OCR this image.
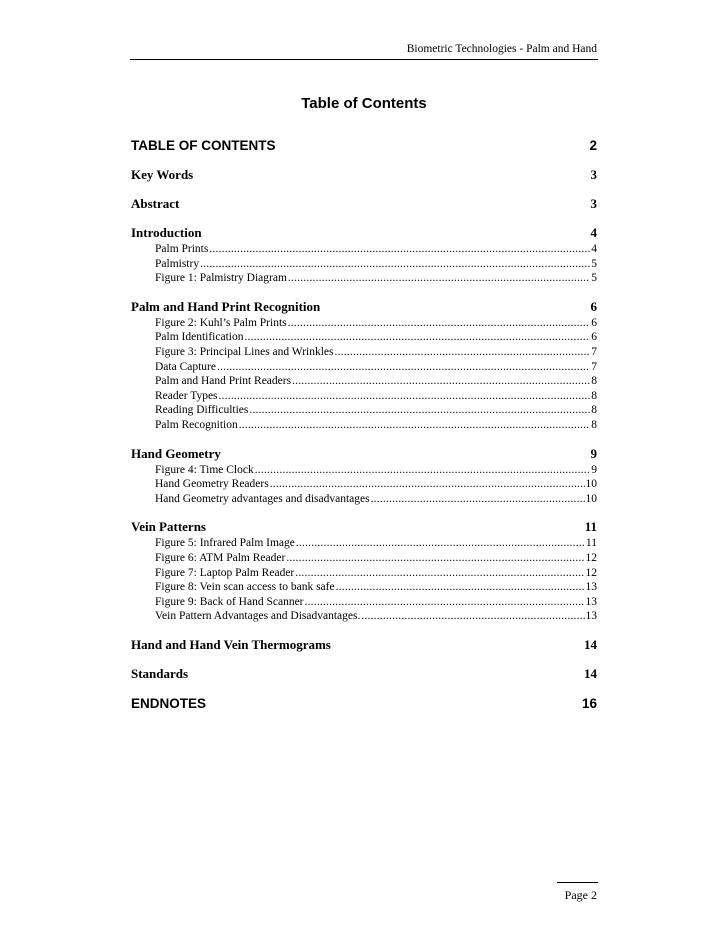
Biometric Technologies - Palm and Hand
Table of Contents
TABLE OF CONTENTS	2
Key Words	3
Abstract	3
Introduction	4
Palm Prints .....	4
Palmistry .....	5
Figure 1: Palmistry Diagram .....	5
Palm and Hand Print Recognition	6
Figure 2: Kuhl’s Palm Prints .....	6
Palm Identification .....	6
Figure 3: Principal Lines and Wrinkles .....	7
Data Capture .....	7
Palm and Hand Print Readers .....	8
Reader Types .....	8
Reading Difficulties .....	8
Palm Recognition .....	8
Hand Geometry	9
Figure 4: Time Clock .....	9
Hand Geometry Readers .....	10
Hand Geometry advantages and disadvantages .....	10
Vein Patterns	11
Figure 5: Infrared Palm Image .....	11
Figure 6: ATM Palm Reader .....	12
Figure 7: Laptop Palm Reader .....	12
Figure 8: Vein scan access to bank safe .....	13
Figure 9: Back of Hand Scanner .....	13
Vein Pattern Advantages and Disadvantages. .....	13
Hand and Hand Vein Thermograms	14
Standards	14
ENDNOTES	16
Page 2
